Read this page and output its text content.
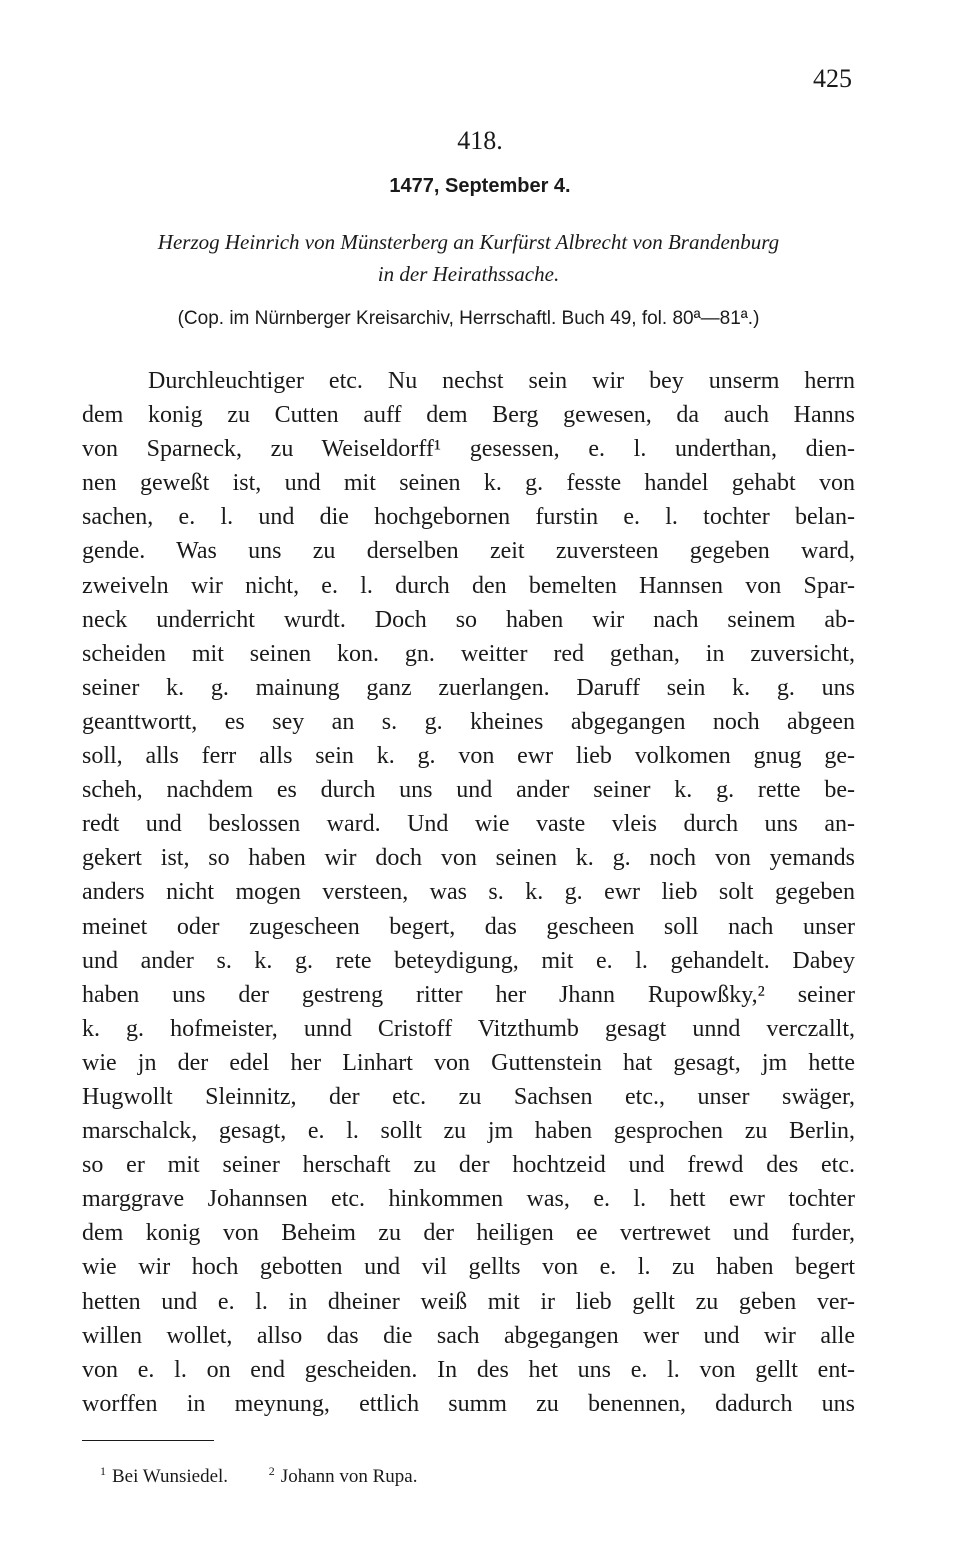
425
418.
1477, September 4.
Herzog Heinrich von Münsterberg an Kurfürst Albrecht von Brandenburg
in der Heirathssache.
(Cop. im Nürnberger Kreisarchiv, Herrschaftl. Buch 49, fol. 80ª—81ª.)
Durchleuchtiger etc. Nu nechst sein wir bey unserm herrn
dem konig zu Cutten auff dem Berg gewesen, da auch Hanns
von Sparneck, zu Weiseldorff¹ gesessen, e. l. underthan, dien-
nen geweßt ist, und mit seinen k. g. fesste handel gehabt von
sachen, e. l. und die hochgebornen furstin e. l. tochter belan-
gende. Was uns zu derselben zeit zuversteen gegeben ward,
zweiveln wir nicht, e. l. durch den bemelten Hannsen von Spar-
neck underricht wurdt. Doch so haben wir nach seinem ab-
scheiden mit seinen kon. gn. weitter red gethan, in zuversicht,
seiner k. g. mainung ganz zuerlangen. Daruff sein k. g. uns
geanttwortt, es sey an s. g. kheines abgegangen noch abgeen
soll, alls ferr alls sein k. g. von ewr lieb volkomen gnug ge-
scheh, nachdem es durch uns und ander seiner k. g. rette be-
redt und beslossen ward. Und wie vaste vleis durch uns an-
gekert ist, so haben wir doch von seinen k. g. noch von yemands
anders nicht mogen versteen, was s. k. g. ewr lieb solt gegeben
meinet oder zugescheen begert, das gescheen soll nach unser
und ander s. k. g. rete beteydigung, mit e. l. gehandelt. Dabey
haben uns der gestreng ritter her Jhann Rupowßky,² seiner
k. g. hofmeister, unnd Cristoff Vitzthumb gesagt unnd verczallt,
wie jn der edel her Linhart von Guttenstein hat gesagt, jm hette
Hugwollt Sleinnitz, der etc. zu Sachsen etc., unser swäger,
marschalck, gesagt, e. l. sollt zu jm haben gesprochen zu Berlin,
so er mit seiner herschaft zu der hochtzeid und frewd des etc.
marggrave Johannsen etc. hinkommen was, e. l. hett ewr tochter
dem konig von Beheim zu der heiligen ee vertrewet und furder,
wie wir hoch gebotten und vil gellts von e. l. zu haben begert
hetten und e. l. in dheiner weiß mit ir lieb gellt zu geben ver-
willen wollet, allso das die sach abgegangen wer und wir alle
von e. l. on end gescheiden. In des het uns e. l. von gellt ent-
worffen in meynung, ettlich summ zu benennen, dadurch uns
$^1$ Bei Wunsiedel.	$^2$ Johann von Rupa.
